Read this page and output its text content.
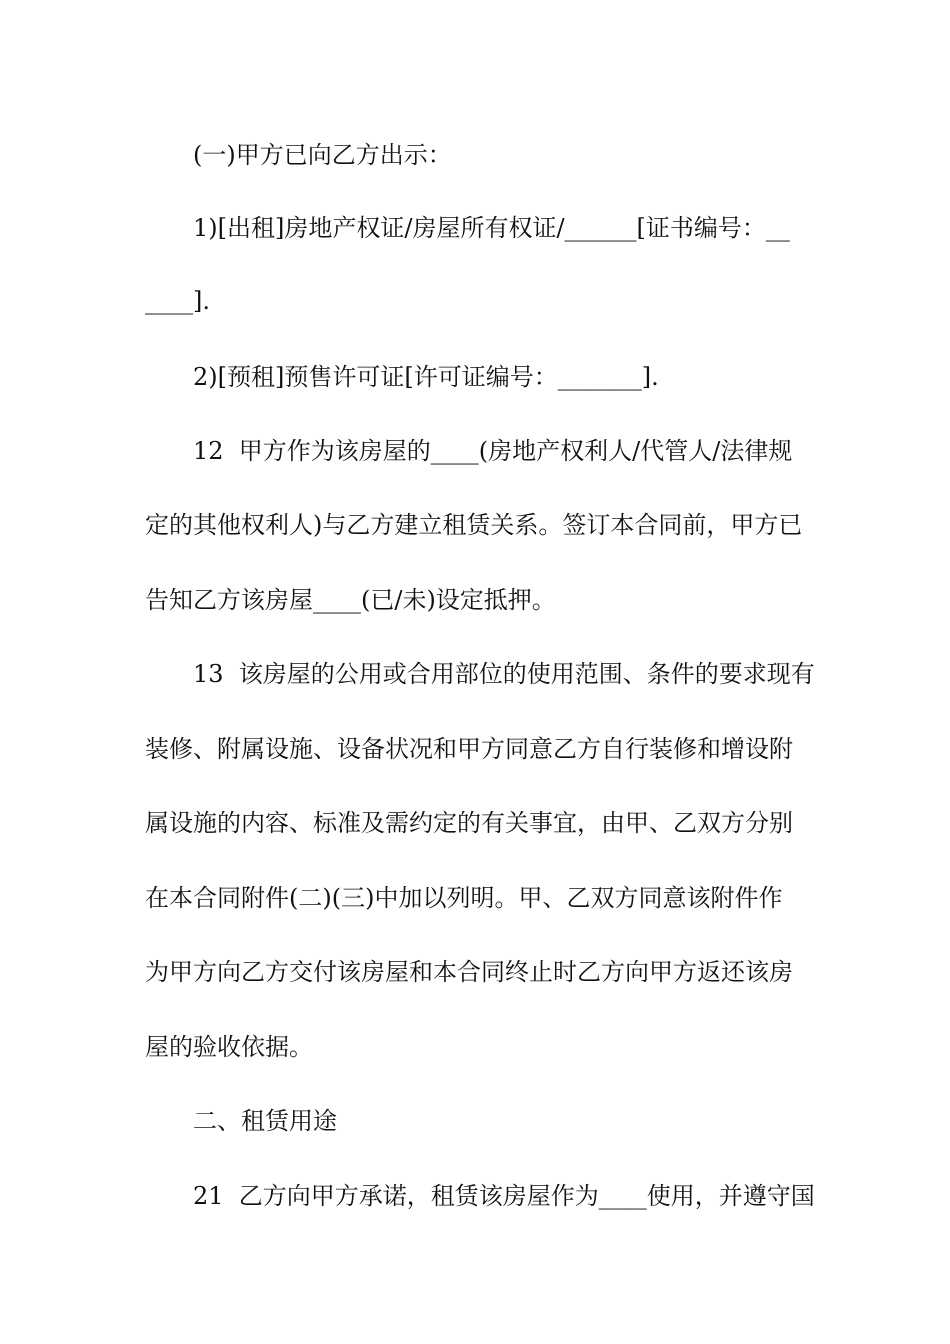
(一)甲方已向乙方出示：
1)[出租]房地产权证/房屋所有权证/______[证书编号：__
____].
2)[预租]预售许可证[许可证编号：_______].
12  甲方作为该房屋的____(房地产权利人/代管人/法律规
定的其他权利人)与乙方建立租赁关系。签订本合同前，甲方已
告知乙方该房屋____(已/未)设定抵押。
13  该房屋的公用或合用部位的使用范围、条件的要求现有
装修、附属设施、设备状况和甲方同意乙方自行装修和增设附
属设施的内容、标准及需约定的有关事宜，由甲、乙双方分别
在本合同附件(二)(三)中加以列明。甲、乙双方同意该附件作
为甲方向乙方交付该房屋和本合同终止时乙方向甲方返还该房
屋的验收依据。
二、租赁用途
21  乙方向甲方承诺，租赁该房屋作为____使用，并遵守国
